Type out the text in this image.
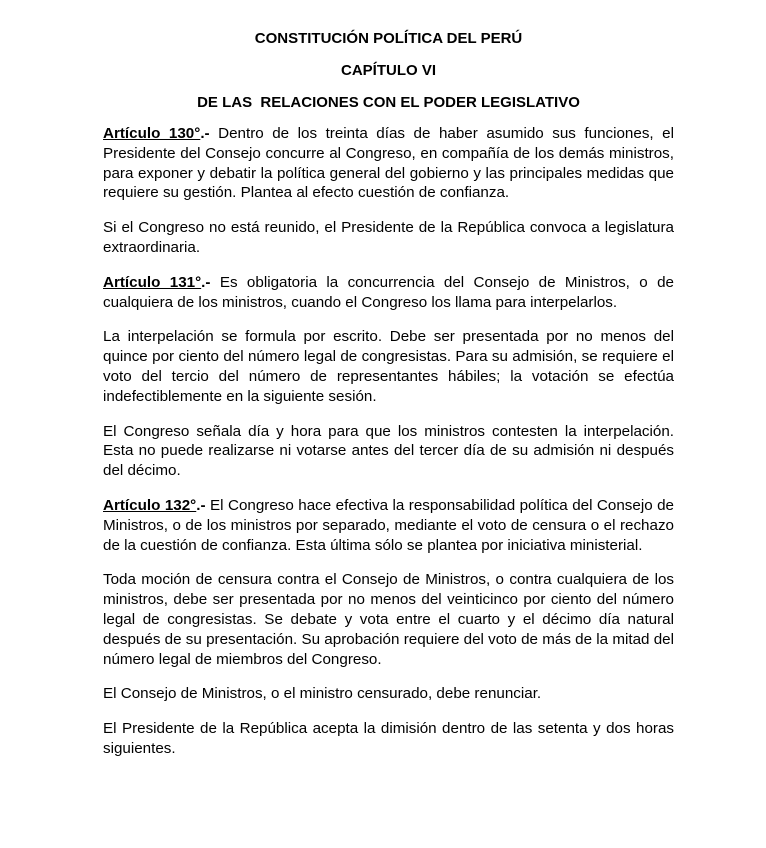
CONSTITUCIÓN POLÍTICA DEL PERÚ

CAPÍTULO VI

DE LAS  RELACIONES CON EL PODER LEGISLATIVO

Artículo 130°.- Dentro de los treinta días de haber asumido sus funciones, el Presidente del Consejo concurre al Congreso, en compañía de los demás ministros, para exponer y debatir la política general del gobierno y las principales medidas que requiere su gestión. Plantea al efecto cuestión de confianza.

Si el Congreso no está reunido, el Presidente de la República convoca a legislatura extraordinaria.

Artículo 131°.- Es obligatoria la concurrencia del Consejo de Ministros, o de cualquiera de los ministros, cuando el Congreso los llama para interpelarlos.

La interpelación se formula por escrito. Debe ser presentada por no menos del quince por ciento del número legal de congresistas. Para su admisión, se requiere el voto del tercio del número de representantes hábiles; la votación se efectúa indefectiblemente en la siguiente sesión.

El Congreso señala día y hora para que los ministros contesten la interpelación. Esta no puede realizarse ni votarse antes del tercer día de su admisión ni después del décimo.

Artículo 132°.- El Congreso hace efectiva la responsabilidad política del Consejo de Ministros, o de los ministros por separado, mediante el voto de censura o el rechazo de la cuestión de confianza. Esta última sólo se plantea por iniciativa ministerial.

Toda moción de censura contra el Consejo de Ministros, o contra cualquiera de los ministros, debe ser presentada por no menos del veinticinco por ciento del número legal de congresistas. Se debate y vota entre el cuarto y el décimo día natural después de su presentación. Su aprobación requiere del voto de más de la mitad del número legal de miembros del Congreso.

El Consejo de Ministros, o el ministro censurado, debe renunciar.

El Presidente de la República acepta la dimisión dentro de las setenta y dos horas siguientes.
